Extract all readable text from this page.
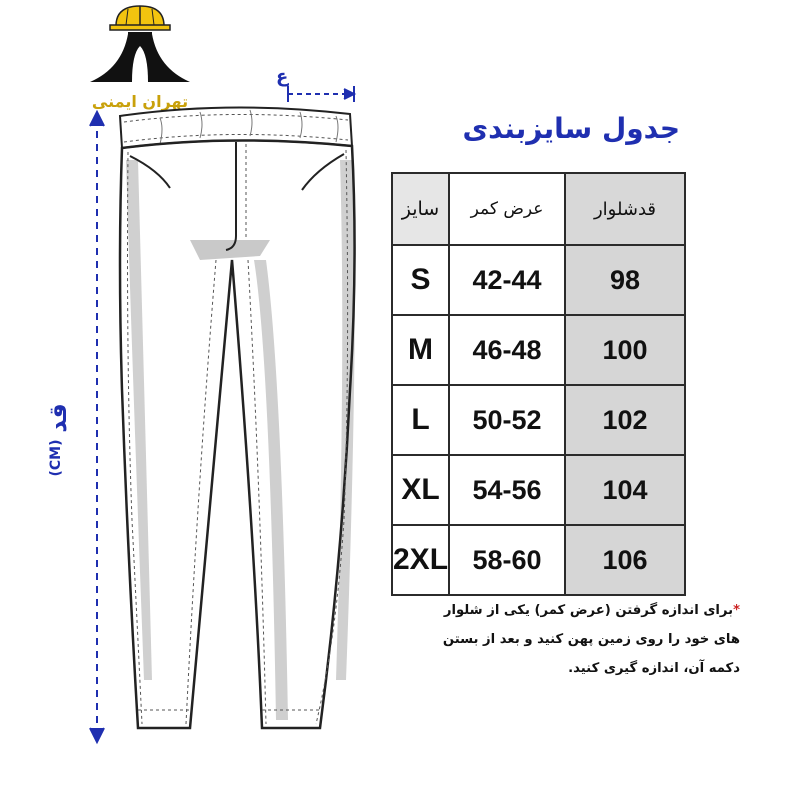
تهران ایمنی
قد
(CM)
ع
جدول سایزبندی
سایز	عرض کمر	قدشلوار
S	42-44	98
M	46-48	100
L	50-52	102
XL	54-56	104
2XL	58-60	106
*برای اندازه گرفتن (عرض کمر) یکی از شلوار های خود را روی زمین پهن کنید و بعد از بستن دکمه آن، اندازه گیری کنید.
